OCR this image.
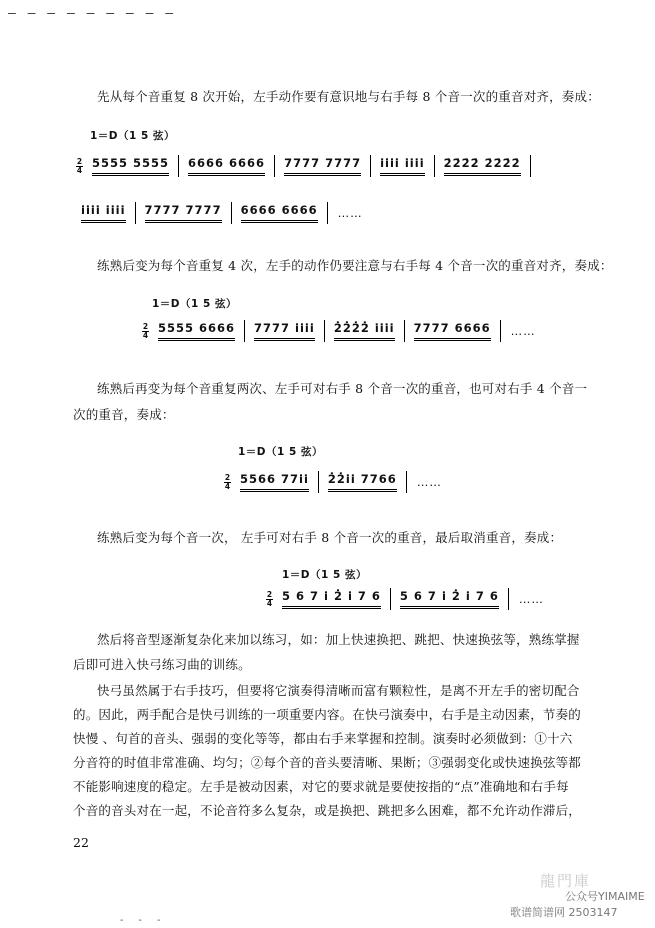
— — — — — — — — —
先从每个音重复 8 次开始，左手动作要有意识地与右手每 8 个音一次的重音对齐，奏成：
1＝D（1 5 弦）
2
4
5555 5555 6666 6666 7777 7777 i̇i̇i̇i̇ i̇i̇i̇i̇ 2̇2̇2̇2̇ 2̇2̇2̇2̇
i̇i̇i̇i̇ i̇i̇i̇i̇ 7777 7777 6666 6666 ……
练熟后变为每个音重复 4 次，左手的动作仍要注意与右手每 4 个音一次的重音对齐，奏成：
1＝D（1 5 弦）
2
4
5555 6666 7777 i̇i̇i̇i̇ 2̇2̇2̇2̇ i̇i̇i̇i̇ 7777 6666 ……
练熟后再变为每个音重复两次、左手可对右手 8 个音一次的重音，也可对右手 4 个音一
次的重音，奏成：
1＝D（1 5 弦）
2
4
5566 77i̇i̇ 2̇2̇i̇i̇ 7766 ……
练熟后变为每个音一次， 左手可对右手 8 个音一次的重音，最后取消重音，奏成：
1＝D（1 5 弦）
2
4
5 6 7 i̇ 2̇ i̇ 7 6 5 6 7 i̇ 2̇ i̇ 7 6 ……
然后将音型逐渐复杂化来加以练习，如：加上快速换把、跳把、快速换弦等，熟练掌握
后即可进入快弓练习曲的训练。
快弓虽然属于右手技巧，但要将它演奏得清晰而富有颗粒性，是离不开左手的密切配合
的。因此，两手配合是快弓训练的一项重要内容。在快弓演奏中，右手是主动因素，节奏的
快慢 、句首的音头、强弱的变化等等，都由右手来掌握和控制。演奏时必须做到：①十六
分音符的时值非常准确、均匀；②每个音的音头要清晰、果断；③强弱变化或快速换弦等都
不能影响速度的稳定。左手是被动因素，对它的要求就是要使按指的“点”准确地和右手每
个音的音头对在一起，不论音符多么复杂，或是换把、跳把多么困难，都不允许动作滞后，
22
龍門庫
公众号YIMAIME
歌谱简谱网 2503147
- - -
